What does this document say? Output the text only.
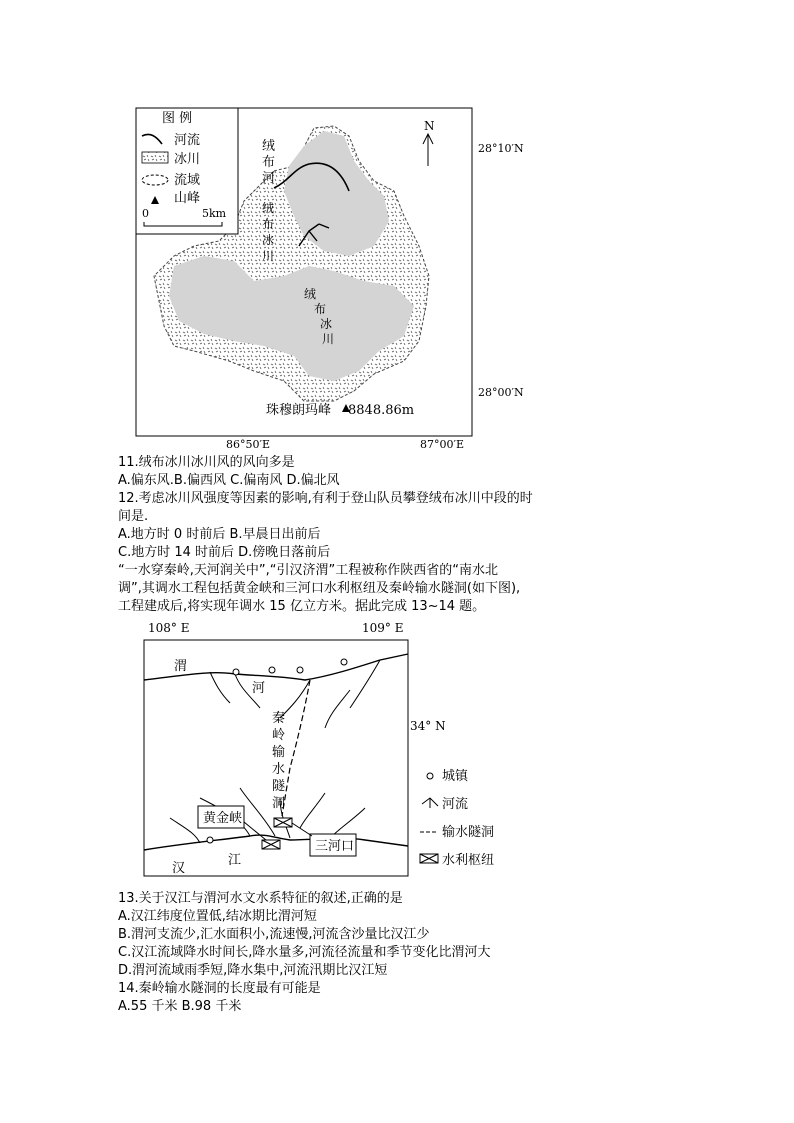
图 例
河流
冰川
流域
山峰
0	5km
N
绒
布
河
绒
布
冰
川
绒
布
冰
川
珠穆朗玛峰 8848.86m
28°10′N
28°00′N
86°50′E	87°00′E
11.绒布冰川冰川风的风向多是
A.偏东风.B.偏西风 C.偏南风 D.偏北风
12.考虑冰川风强度等因素的影响,有利于登山队员攀登绒布冰川中段的时
间是.
A.地方时 0 时前后 B.早晨日出前后
C.地方时 14 时前后 D.傍晚日落前后
“一水穿秦岭,天河润关中”,“引汉济渭”工程被称作陕西省的“南水北
调”,其调水工程包括黄金峡和三河口水利枢纽及秦岭输水隧洞(如下图),
工程建成后,将实现年调水 15 亿立方米。据此完成 13~14 题。
108° E	109° E
34° N
渭
河
汉
江
秦
岭
输
水
隧
洞
黄金峡
三河口
城镇
河流
输水隧洞
水利枢纽
13.关于汉江与渭河水文水系特征的叙述,正确的是
A.汉江纬度位置低,结冰期比渭河短
B.渭河支流少,汇水面积小,流速慢,河流含沙量比汉江少
C.汉江流域降水时间长,降水量多,河流径流量和季节变化比渭河大
D.渭河流域雨季短,降水集中,河流汛期比汉江短
14.秦岭输水隧洞的长度最有可能是
A.55 千米 B.98 千米
